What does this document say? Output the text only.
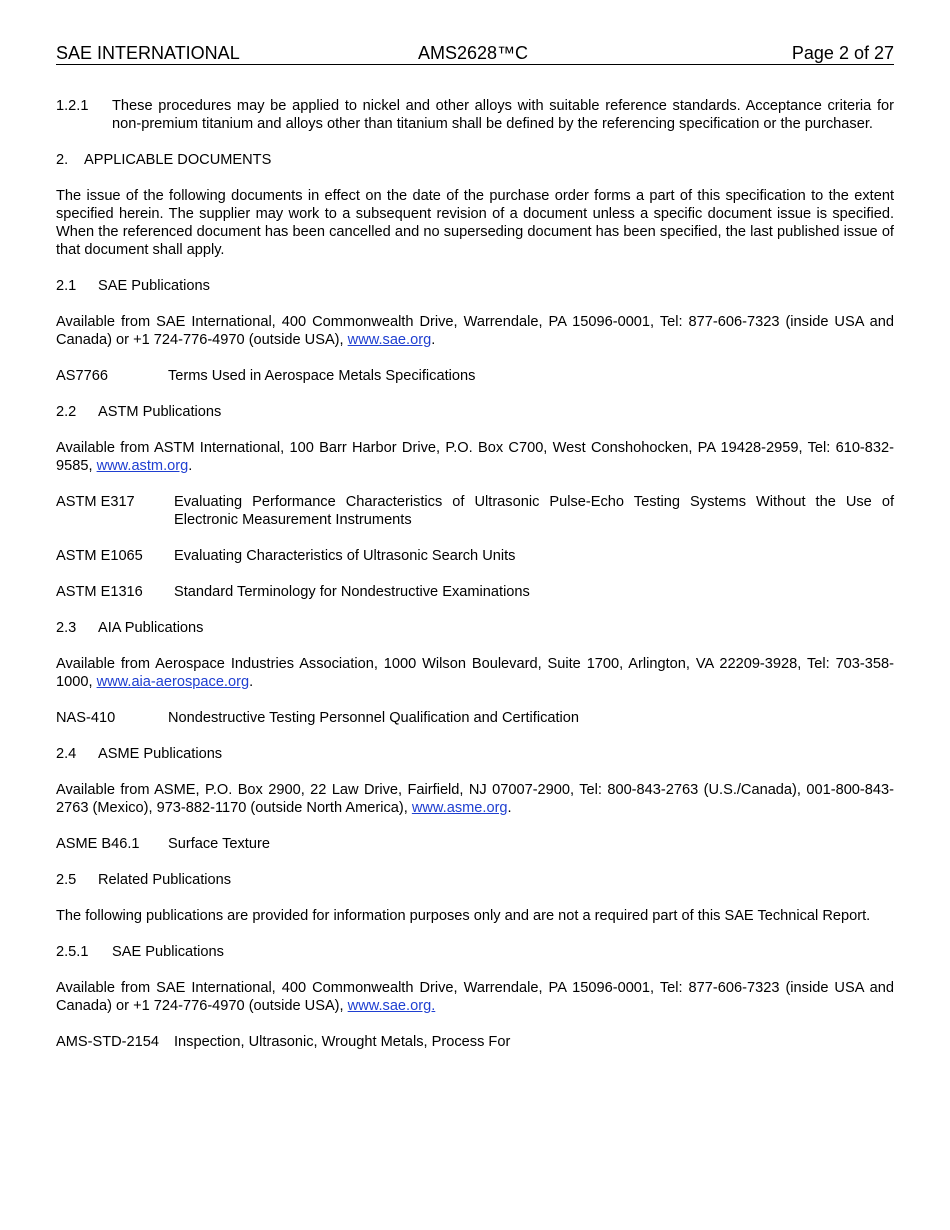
SAE INTERNATIONAL	AMS2628™C	Page 2 of 27
1.2.1	These procedures may be applied to nickel and other alloys with suitable reference standards. Acceptance criteria for non-premium titanium and alloys other than titanium shall be defined by the referencing specification or the purchaser.

2. APPLICABLE DOCUMENTS

The issue of the following documents in effect on the date of the purchase order forms a part of this specification to the extent specified herein. The supplier may work to a subsequent revision of a document unless a specific document issue is specified. When the referenced document has been cancelled and no superseding document has been specified, the last published issue of that document shall apply.

2.1 SAE Publications

Available from SAE International, 400 Commonwealth Drive, Warrendale, PA 15096-0001, Tel: 877-606-7323 (inside USA and Canada) or +1 724-776-4970 (outside USA), www.sae.org.

AS7766	Terms Used in Aerospace Metals Specifications

2.2 ASTM Publications

Available from ASTM International, 100 Barr Harbor Drive, P.O. Box C700, West Conshohocken, PA 19428-2959, Tel: 610-832-9585, www.astm.org.

ASTM E317	Evaluating Performance Characteristics of Ultrasonic Pulse-Echo Testing Systems Without the Use of Electronic Measurement Instruments
ASTM E1065	Evaluating Characteristics of Ultrasonic Search Units
ASTM E1316	Standard Terminology for Nondestructive Examinations

2.3 AIA Publications

Available from Aerospace Industries Association, 1000 Wilson Boulevard, Suite 1700, Arlington, VA 22209-3928, Tel: 703-358-1000, www.aia-aerospace.org.

NAS-410	Nondestructive Testing Personnel Qualification and Certification

2.4 ASME Publications

Available from ASME, P.O. Box 2900, 22 Law Drive, Fairfield, NJ 07007-2900, Tel: 800-843-2763 (U.S./Canada), 001-800-843-2763 (Mexico), 973-882-1170 (outside North America), www.asme.org.

ASME B46.1	Surface Texture

2.5 Related Publications

The following publications are provided for information purposes only and are not a required part of this SAE Technical Report.

2.5.1 SAE Publications

Available from SAE International, 400 Commonwealth Drive, Warrendale, PA 15096-0001, Tel: 877-606-7323 (inside USA and Canada) or +1 724-776-4970 (outside USA), www.sae.org.

AMS-STD-2154	Inspection, Ultrasonic, Wrought Metals, Process For
